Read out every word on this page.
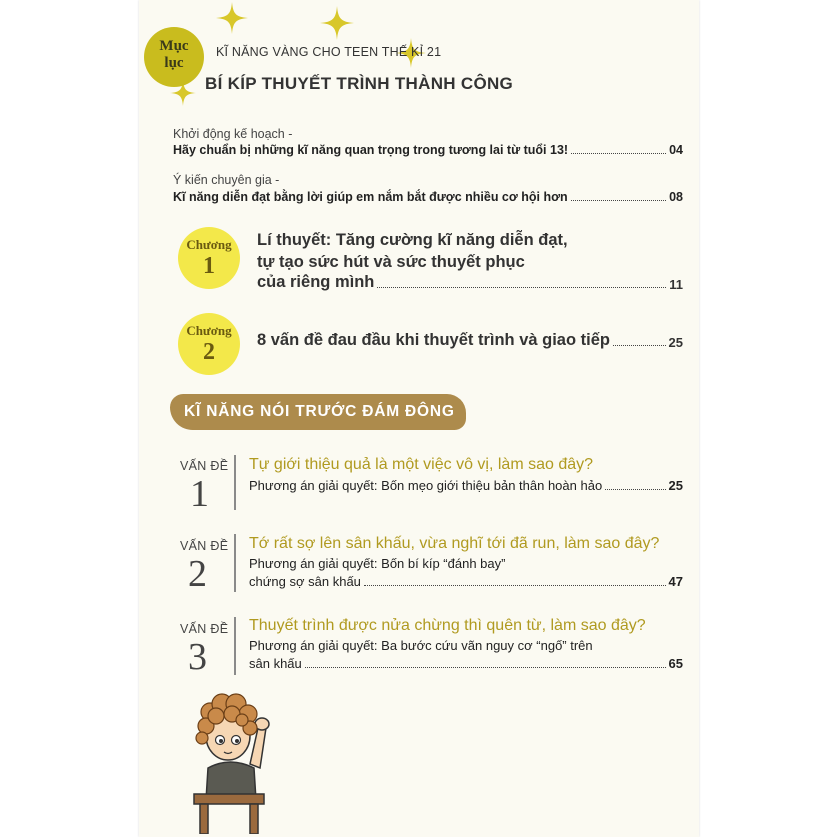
Mục
lục
KĨ NĂNG VÀNG CHO TEEN THẾ KỈ 21
BÍ KÍP THUYẾT TRÌNH THÀNH CÔNG
Khởi động kế hoạch -
Hãy chuẩn bị những kĩ năng quan trọng trong tương lai từ tuổi 13!	04
Ý kiến chuyên gia -
Kĩ năng diễn đạt bằng lời giúp em nắm bắt được nhiều cơ hội hơn	08
Chương
1
Lí thuyết: Tăng cường kĩ năng diễn đạt,
tự tạo sức hút và sức thuyết phục
của riêng mình	11
Chương
2	8 vấn đề đau đầu khi thuyết trình và giao tiếp	25
KĨ NĂNG NÓI TRƯỚC ĐÁM ĐÔNG
VẤN ĐỀ
1
Tự giới thiệu quả là một việc vô vị, làm sao đây?
Phương án giải quyết: Bốn mẹo giới thiệu bản thân hoàn hảo	25
VẤN ĐỀ
2
Tớ rất sợ lên sân khấu, vừa nghĩ tới đã run, làm sao đây?
Phương án giải quyết: Bốn bí kíp “đánh bay”
chứng sợ sân khấu	47
VẤN ĐỀ
3
Thuyết trình được nửa chừng thì quên từ, làm sao đây?
Phương án giải quyết: Ba bước cứu vãn nguy cơ “ngố” trên
sân khấu	65
